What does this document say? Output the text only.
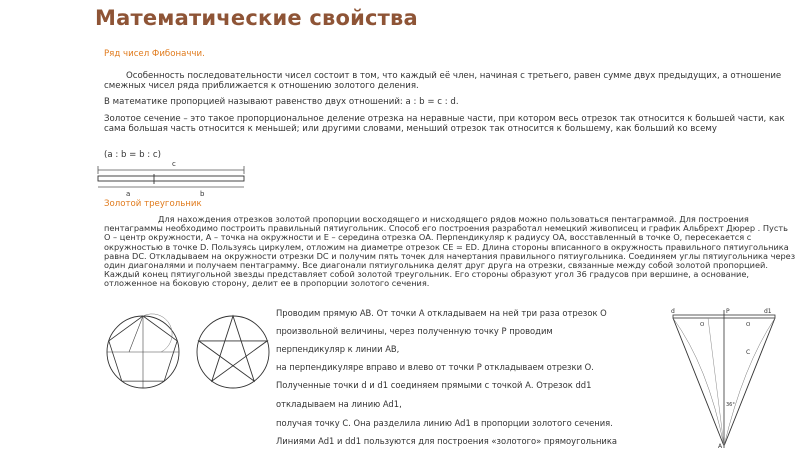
Математические свойства
Ряд чисел Фибоначчи.
Особенность последовательности чисел состоит в том, что каждый её член, начиная с третьего, равен сумме двух предыдущих, а отношение смежных чисел ряда приближается к отношению золотого деления.
В математике пропорцией называют равенство двух отношений: a : b = c : d.
Золотое сечение – это такое пропорциональное деление отрезка на неравные части, при котором весь отрезок так относится к большей части, как сама большая часть относится к меньшей; или другими словами, меньший отрезок так относится к большему, как больший ко всему
(a : b = b : c)
c
a	b
Золотой треугольник
Для нахождения отрезков золотой пропорции восходящего и нисходящего рядов можно пользоваться пентаграммой. Для построения пентаграммы необходимо построить правильный пятиугольник. Способ его построения разработал немецкий живописец и график Альбрехт Дюрер . Пусть O – центр окружности, A – точка на окружности и Е – середина отрезка ОА. Перпендикуляр к радиусу ОА, восставленный в точке О, пересекается с окружностью в точке D. Пользуясь циркулем, отложим на диаметре отрезок CE = ED. Длина стороны вписанного в окружность правильного пятиугольника равна DC. Откладываем на окружности отрезки DC и получим пять точек для начертания правильного пятиугольника. Соединяем углы пятиугольника через один диагоналями и получаем пентаграмму. Все диагонали пятиугольника делят друг друга на отрезки, связанные между собой золотой пропорцией. Каждый конец пятиугольной звезды представляет собой золотой треугольник. Его стороны образуют угол 36 градусов при вершине, а основание, отложенное на боковую сторону, делит ее в пропорции золотого сечения.
Проводим прямую АВ. От точки А откладываем на ней три раза отрезок О
произвольной величины, через полученную точку Р проводим
перпендикуляр к линии АВ,
на перпендикуляре вправо и влево от точки Р откладываем отрезки О.
Полученные точки d и d1 соединяем прямыми с точкой А. Отрезок dd1
откладываем на линию Ad1,
получая точку С. Она разделила линию Ad1 в пропорции золотого сечения.
Линиями Ad1 и dd1 пользуются для построения «золотого» прямоугольника
d	d1
P
O	O
C
36°
A
